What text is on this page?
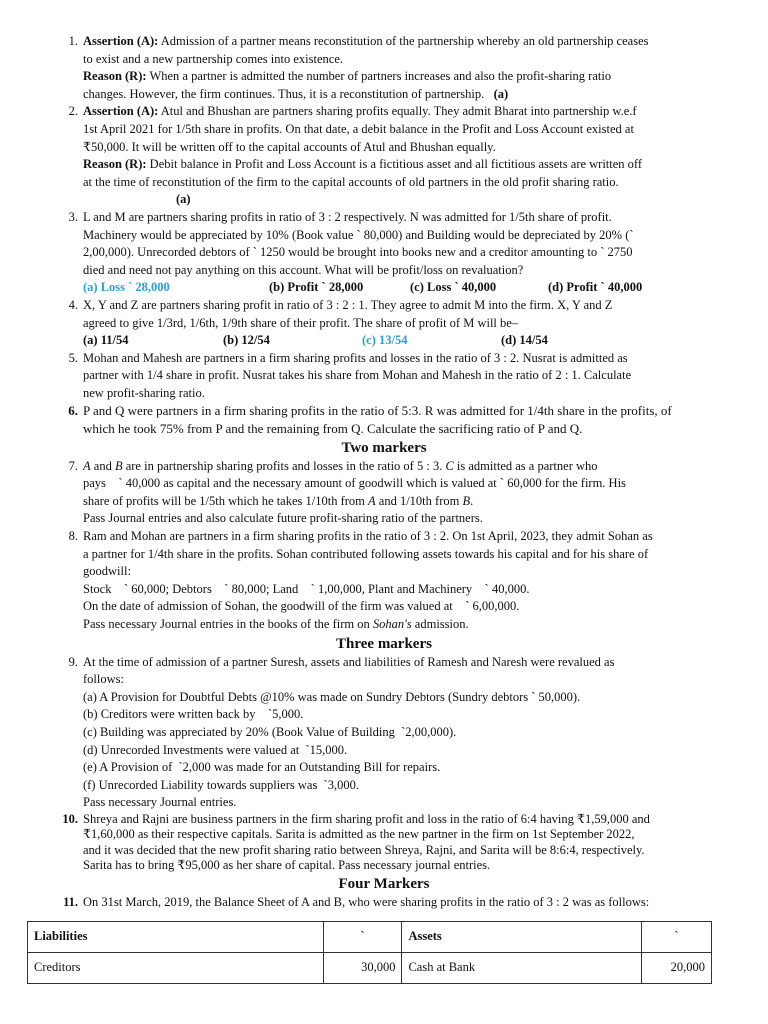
1. Assertion (A): Admission of a partner means reconstitution of the partnership whereby an old partnership ceases
to exist and a new partnership comes into existence.
Reason (R): When a partner is admitted the number of partners increases and also the profit-sharing ratio
changes. However, the firm continues. Thus, it is a reconstitution of partnership. (a)
2. Assertion (A): Atul and Bhushan are partners sharing profits equally. They admit Bharat into partnership w.e.f
1st April 2021 for 1/5th share in profits. On that date, a debit balance in the Profit and Loss Account existed at
₹50,000. It will be written off to the capital accounts of Atul and Bhushan equally.
Reason (R): Debit balance in Profit and Loss Account is a fictitious asset and all fictitious assets are written off
at the time of reconstitution of the firm to the capital accounts of old partners in the old profit sharing ratio.
(a)
3. L and M are partners sharing profits in ratio of 3 : 2 respectively. N was admitted for 1/5th share of profit.
Machinery would be appreciated by 10% (Book value ` 80,000) and Building would be depreciated by 20% (`
2,00,000). Unrecorded debtors of ` 1250 would be brought into books new and a creditor amounting to ` 2750
died and need not pay anything on this account. What will be profit/loss on revaluation?
(a) Loss ` 28,000	(b) Profit ` 28,000	(c) Loss ` 40,000	(d) Profit ` 40,000
4. X, Y and Z are partners sharing profit in ratio of 3 : 2 : 1. They agree to admit M into the firm. X, Y and Z
agreed to give 1/3rd, 1/6th, 1/9th share of their profit. The share of profit of M will be–
(a) 11/54	(b) 12/54	(c) 13/54	(d) 14/54
5. Mohan and Mahesh are partners in a firm sharing profits and losses in the ratio of 3 : 2. Nusrat is admitted as
partner with 1/4 share in profit. Nusrat takes his share from Mohan and Mahesh in the ratio of 2 : 1. Calculate
new profit-sharing ratio.
6. P and Q were partners in a firm sharing profits in the ratio of 5:3. R was admitted for 1/4th share in the profits, of
which he took 75% from P and the remaining from Q. Calculate the sacrificing ratio of P and Q.
Two markers
7. A and B are in partnership sharing profits and losses in the ratio of 5 : 3. C is admitted as a partner who
pays    ` 40,000 as capital and the necessary amount of goodwill which is valued at ` 60,000 for the firm. His
share of profits will be 1/5th which he takes 1/10th from A and 1/10th from B.
Pass Journal entries and also calculate future profit-sharing ratio of the partners.
8. Ram and Mohan are partners in a firm sharing profits in the ratio of 3 : 2. On 1st April, 2023, they admit Sohan as
a partner for 1/4th share in the profits. Sohan contributed following assets towards his capital and for his share of
goodwill:
Stock    ` 60,000; Debtors    ` 80,000; Land    ` 1,00,000, Plant and Machinery    ` 40,000.
On the date of admission of Sohan, the goodwill of the firm was valued at    ` 6,00,000.
Pass necessary Journal entries in the books of the firm on Sohan's admission.
Three markers
9. At the time of admission of a partner Suresh, assets and liabilities of Ramesh and Naresh were revalued as
follows:
(a) A Provision for Doubtful Debts @10% was made on Sundry Debtors (Sundry debtors ` 50,000).
(b) Creditors were written back by    `5,000.
(c) Building was appreciated by 20% (Book Value of Building  `2,00,000).
(d) Unrecorded Investments were valued at  `15,000.
(e) A Provision of  `2,000 was made for an Outstanding Bill for repairs.
(f) Unrecorded Liability towards suppliers was  `3,000.
Pass necessary Journal entries.
10. Shreya and Rajni are business partners in the firm sharing profit and loss in the ratio of 6:4 having ₹1,59,000 and
₹1,60,000 as their respective capitals. Sarita is admitted as the new partner in the firm on 1st September 2022,
and it was decided that the new profit sharing ratio between Shreya, Rajni, and Sarita will be 8:6:4, respectively.
Sarita has to bring ₹95,000 as her share of capital. Pass necessary journal entries.
Four Markers
11. On 31st March, 2019, the Balance Sheet of A and B, who were sharing profits in the ratio of 3 : 2 was as follows:
Liabilities	`	Assets	`
Creditors	30,000	Cash at Bank	20,000
